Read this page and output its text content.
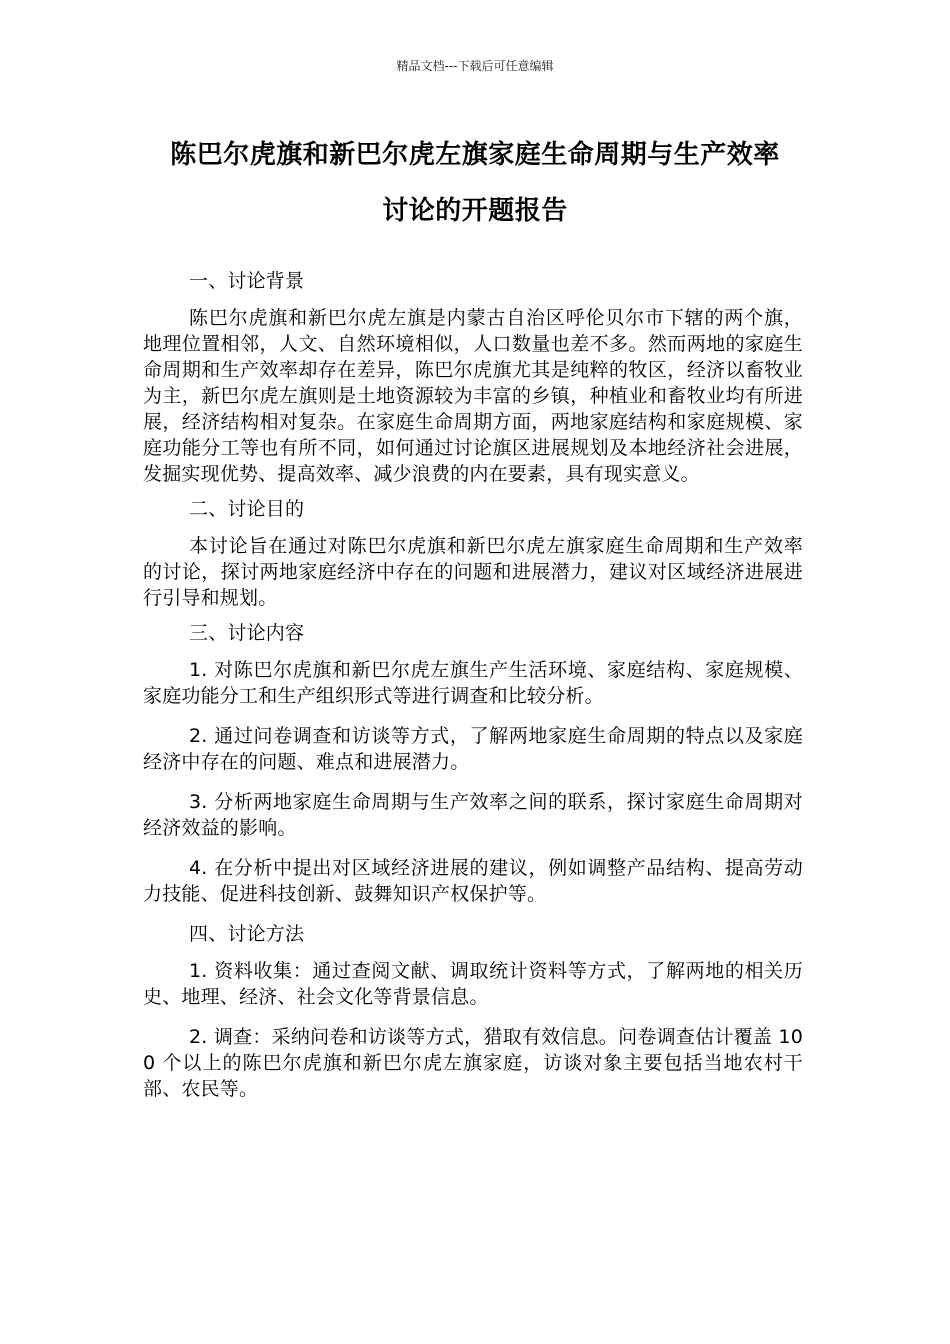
精品文档---下载后可任意编辑
陈巴尔虎旗和新巴尔虎左旗家庭生命周期与生产效率
讨论的开题报告

一、讨论背景

陈巴尔虎旗和新巴尔虎左旗是内蒙古自治区呼伦贝尔市下辖的两个旗，地理位置相邻，人文、自然环境相似，人口数量也差不多。然而两地的家庭生命周期和生产效率却存在差异，陈巴尔虎旗尤其是纯粹的牧区，经济以畜牧业为主，新巴尔虎左旗则是土地资源较为丰富的乡镇，种植业和畜牧业均有所进展，经济结构相对复杂。在家庭生命周期方面，两地家庭结构和家庭规模、家庭功能分工等也有所不同，如何通过讨论旗区进展规划及本地经济社会进展，发掘实现优势、提高效率、减少浪费的内在要素，具有现实意义。

二、讨论目的

本讨论旨在通过对陈巴尔虎旗和新巴尔虎左旗家庭生命周期和生产效率的讨论，探讨两地家庭经济中存在的问题和进展潜力，建议对区域经济进展进行引导和规划。

三、讨论内容

1. 对陈巴尔虎旗和新巴尔虎左旗生产生活环境、家庭结构、家庭规模、家庭功能分工和生产组织形式等进行调查和比较分析。

2. 通过问卷调查和访谈等方式，了解两地家庭生命周期的特点以及家庭经济中存在的问题、难点和进展潜力。

3. 分析两地家庭生命周期与生产效率之间的联系，探讨家庭生命周期对经济效益的影响。

4. 在分析中提出对区域经济进展的建议，例如调整产品结构、提高劳动力技能、促进科技创新、鼓舞知识产权保护等。

四、讨论方法

1. 资料收集：通过查阅文献、调取统计资料等方式，了解两地的相关历史、地理、经济、社会文化等背景信息。

2. 调查：采纳问卷和访谈等方式，猎取有效信息。问卷调查估计覆盖 100 个以上的陈巴尔虎旗和新巴尔虎左旗家庭，访谈对象主要包括当地农村干部、农民等。
